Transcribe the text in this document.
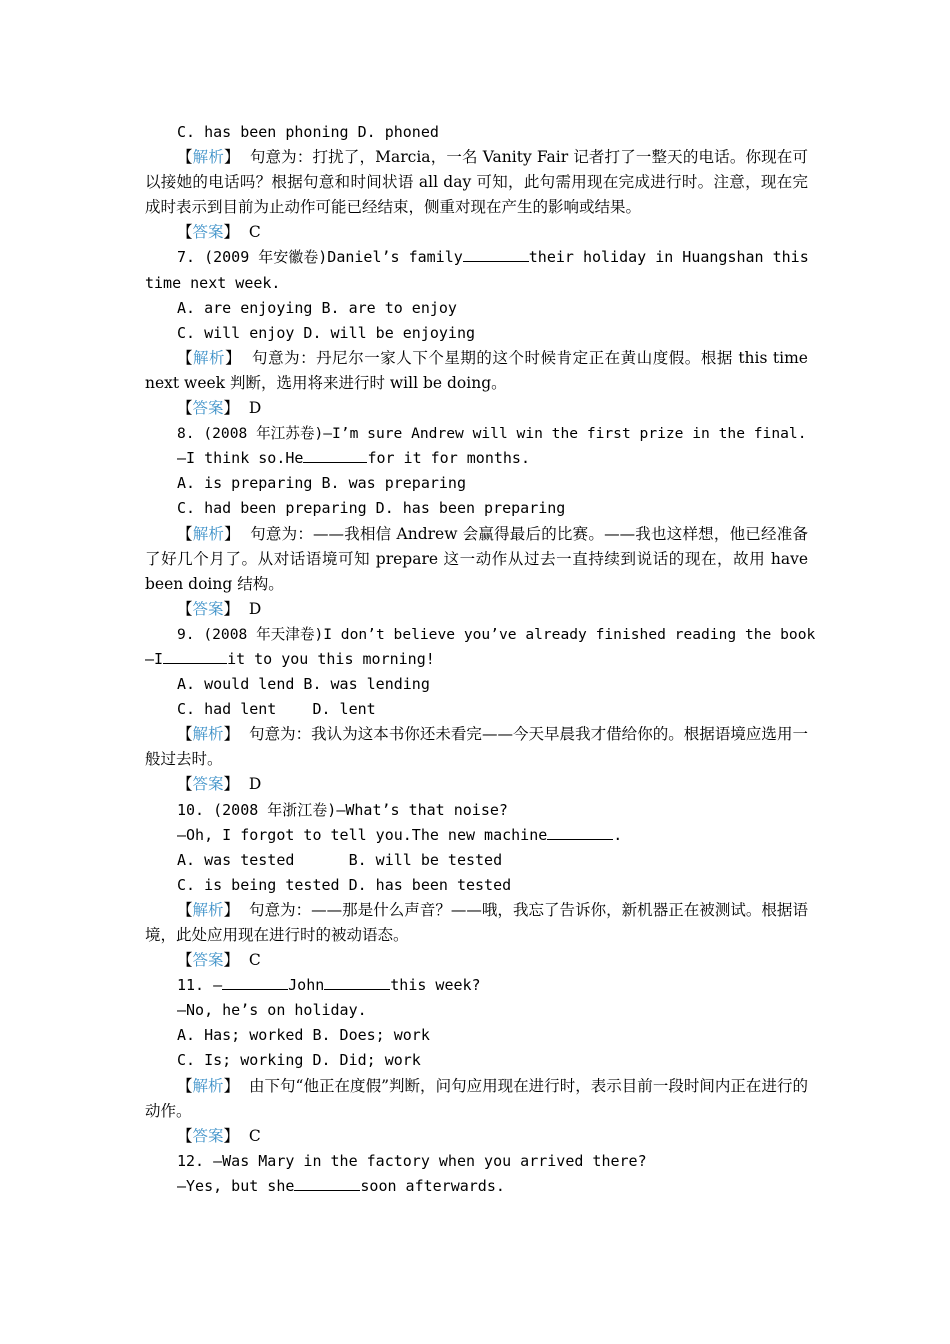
C. has been phoning D. phoned
【解析】 句意为：打扰了，Marcia，一名 Vanity Fair 记者打了一整天的电话。你现在可以接她的电话吗？根据句意和时间状语 all day 可知，此句需用现在完成进行时。注意，现在完成时表示到目前为止动作可能已经结束，侧重对现在产生的影响或结果。
【答案】 C
7. (2009 年安徽卷)Daniel’s family	their holiday in Huangshan this
time next week.
A. are enjoying B. are to enjoy
C. will enjoy D. will be enjoying
【解析】 句意为：丹尼尔一家人下个星期的这个时候肯定正在黄山度假。根据 this time next week 判断，选用将来进行时 will be doing。
【答案】 D
8. (2008 年江苏卷)—I’m sure Andrew will win the first prize in the final.
—I think so.He	for it for months.
A. is preparing B. was preparing
C. had been preparing D. has been preparing
【解析】 句意为：——我相信 Andrew 会赢得最后的比赛。——我也这样想，他已经准备了好几个月了。从对话语境可知 prepare 这一动作从过去一直持续到说话的现在，故用 have been doing 结构。
【答案】 D
9. (2008 年天津卷)I don’t believe you’ve already finished reading the book
—I	it to you this morning!
A. would lend B. was lending
C. had lent    D. lent
【解析】 句意为：我认为这本书你还未看完——今天早晨我才借给你的。根据语境应选用一般过去时。
【答案】 D
10. (2008 年浙江卷)—What’s that noise?
—Oh, I forgot to tell you.The new machine	.
A. was tested      B. will be tested
C. is being tested D. has been tested
【解析】 句意为：——那是什么声音？——哦，我忘了告诉你，新机器正在被测试。根据语境，此处应用现在进行时的被动语态。
【答案】 C
11. —	John	this week?
—No, he’s on holiday.
A. Has; worked B. Does; work
C. Is; working D. Did; work
【解析】 由下句“他正在度假”判断，问句应用现在进行时，表示目前一段时间内正在进行的动作。
【答案】 C
12. —Was Mary in the factory when you arrived there?
—Yes, but she	soon afterwards.
